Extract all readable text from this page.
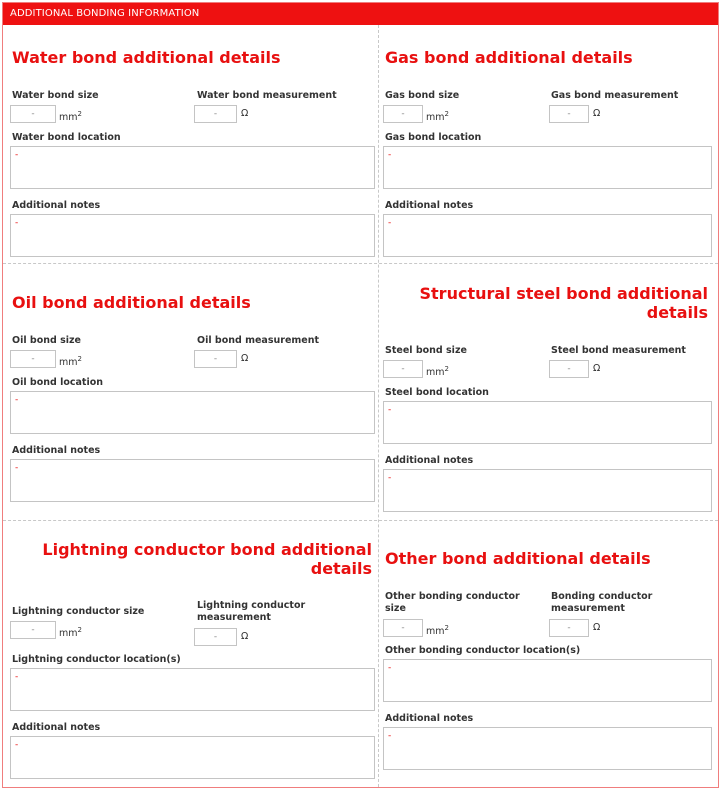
ADDITIONAL BONDING INFORMATION
Water bond additional details
Water bond size
-	$mm^2$
Water bond measurement
-	Ω
Water bond location
-
Additional notes
-
Gas bond additional details
Gas bond size
-	$mm^2$
Gas bond measurement
-	Ω
Gas bond location
-
Additional notes
-
Oil bond additional details
Oil bond size
-	$mm^2$
Oil bond measurement
-	Ω
Oil bond location
-
Additional notes
-
Structural steel bond additional
details
Steel bond size
-	$mm^2$
Steel bond measurement
-	Ω
Steel bond location
-
Additional notes
-
Lightning conductor bond additional
details
Lightning conductor size
-	$mm^2$
Lightning conductor
measurement
-	Ω
Lightning conductor location(s)
-
Additional notes
-
Other bond additional details
Other bonding conductor
size
-	$mm^2$
Bonding conductor
measurement
-	Ω
Other bonding conductor location(s)
-
Additional notes
-
